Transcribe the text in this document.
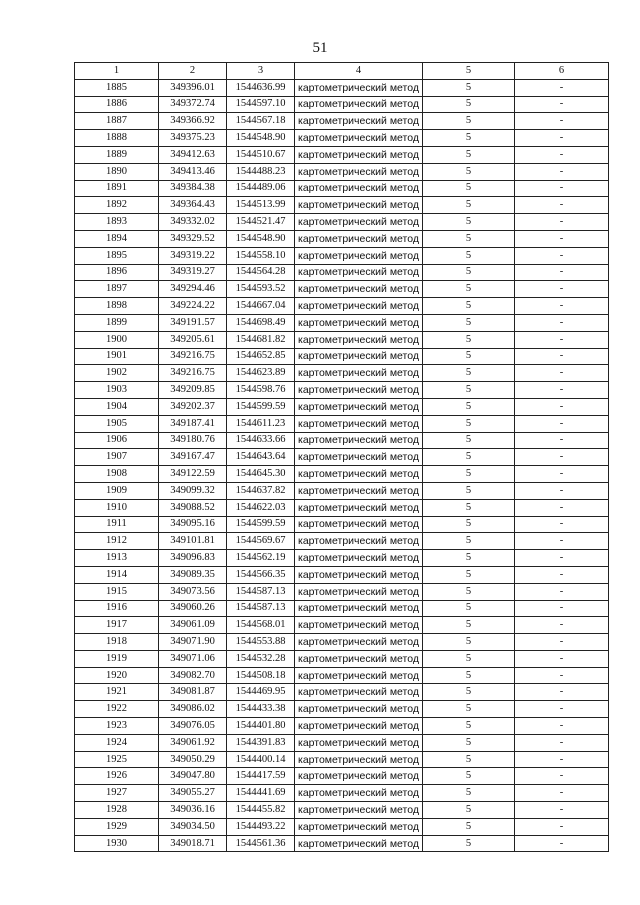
51
1	2	3	4	5	6
1885	349396.01	1544636.99	картометрический метод	5	-
1886	349372.74	1544597.10	картометрический метод	5	-
1887	349366.92	1544567.18	картометрический метод	5	-
1888	349375.23	1544548.90	картометрический метод	5	-
1889	349412.63	1544510.67	картометрический метод	5	-
1890	349413.46	1544488.23	картометрический метод	5	-
1891	349384.38	1544489.06	картометрический метод	5	-
1892	349364.43	1544513.99	картометрический метод	5	-
1893	349332.02	1544521.47	картометрический метод	5	-
1894	349329.52	1544548.90	картометрический метод	5	-
1895	349319.22	1544558.10	картометрический метод	5	-
1896	349319.27	1544564.28	картометрический метод	5	-
1897	349294.46	1544593.52	картометрический метод	5	-
1898	349224.22	1544667.04	картометрический метод	5	-
1899	349191.57	1544698.49	картометрический метод	5	-
1900	349205.61	1544681.82	картометрический метод	5	-
1901	349216.75	1544652.85	картометрический метод	5	-
1902	349216.75	1544623.89	картометрический метод	5	-
1903	349209.85	1544598.76	картометрический метод	5	-
1904	349202.37	1544599.59	картометрический метод	5	-
1905	349187.41	1544611.23	картометрический метод	5	-
1906	349180.76	1544633.66	картометрический метод	5	-
1907	349167.47	1544643.64	картометрический метод	5	-
1908	349122.59	1544645.30	картометрический метод	5	-
1909	349099.32	1544637.82	картометрический метод	5	-
1910	349088.52	1544622.03	картометрический метод	5	-
1911	349095.16	1544599.59	картометрический метод	5	-
1912	349101.81	1544569.67	картометрический метод	5	-
1913	349096.83	1544562.19	картометрический метод	5	-
1914	349089.35	1544566.35	картометрический метод	5	-
1915	349073.56	1544587.13	картометрический метод	5	-
1916	349060.26	1544587.13	картометрический метод	5	-
1917	349061.09	1544568.01	картометрический метод	5	-
1918	349071.90	1544553.88	картометрический метод	5	-
1919	349071.06	1544532.28	картометрический метод	5	-
1920	349082.70	1544508.18	картометрический метод	5	-
1921	349081.87	1544469.95	картометрический метод	5	-
1922	349086.02	1544433.38	картометрический метод	5	-
1923	349076.05	1544401.80	картометрический метод	5	-
1924	349061.92	1544391.83	картометрический метод	5	-
1925	349050.29	1544400.14	картометрический метод	5	-
1926	349047.80	1544417.59	картометрический метод	5	-
1927	349055.27	1544441.69	картометрический метод	5	-
1928	349036.16	1544455.82	картометрический метод	5	-
1929	349034.50	1544493.22	картометрический метод	5	-
1930	349018.71	1544561.36	картометрический метод	5	-
